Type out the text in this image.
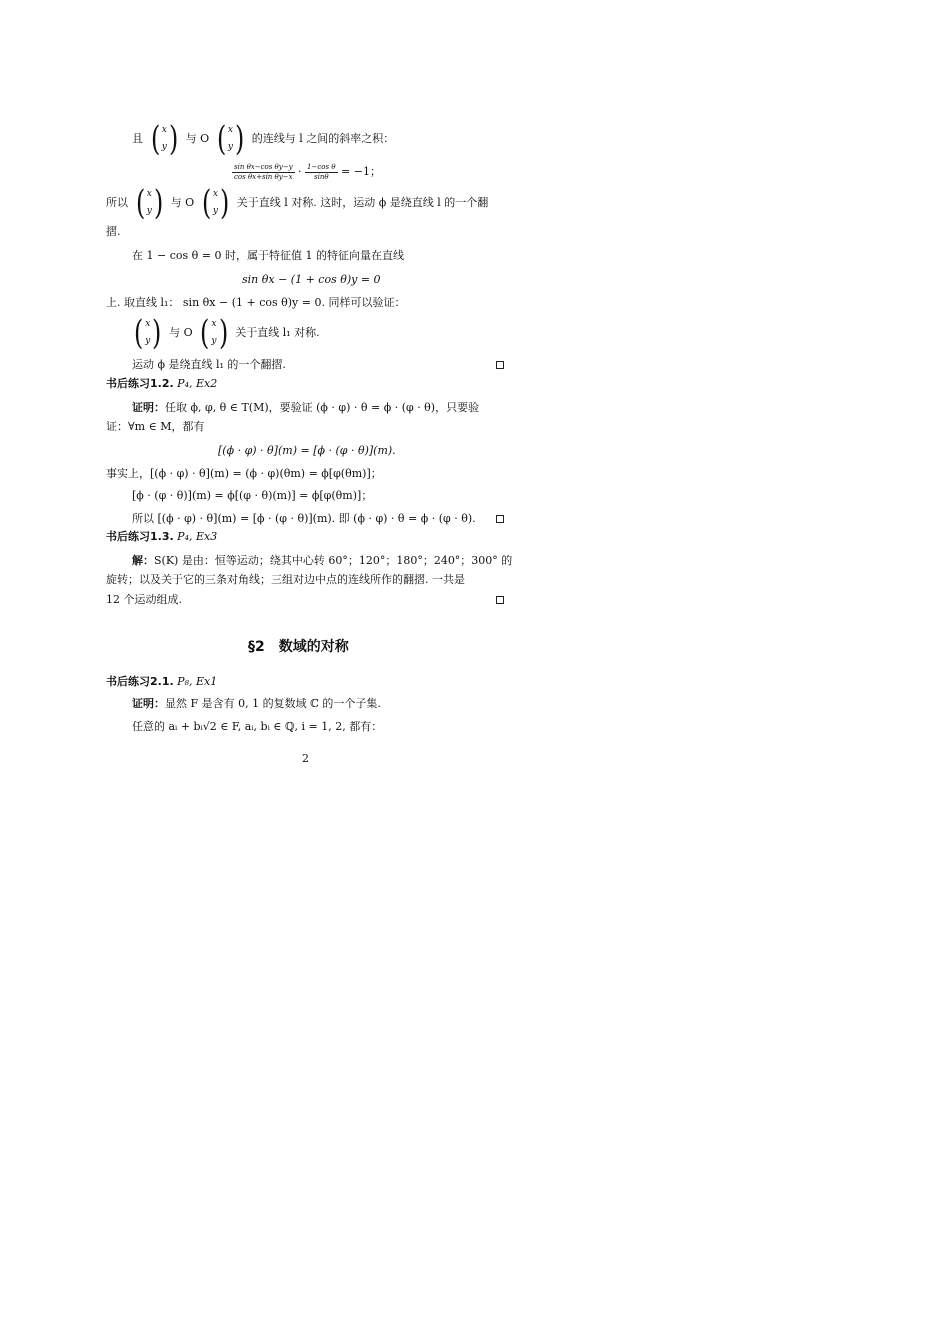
且 ( x
y ) 与 O ( x
y ) 的连线与 l 之间的斜率之积：
$\frac{\text{sin θx−cos θy−y}}{\text{cos θx+sin θy−x}} \cdot \frac{\text{1−cos θ}}{\sin\theta} = -1$；
所以 ( x
y ) 与 O ( x
y ) 关于直线 l 对称. 这时，运动 ϕ 是绕直线 l 的一个翻
摺.
在 1 − cos θ = 0 时，属于特征值 1 的特征向量在直线
sin θx − (1 + cos θ)y = 0
上. 取直线 l₁： sin θx − (1 + cos θ)y = 0. 同样可以验证：
( x
y ) 与 O ( x
y ) 关于直线 l₁ 对称.
运动 ϕ 是绕直线 l₁ 的一个翻摺.
书后练习1.2. P₄, Ex2
证明：任取 ϕ, φ, θ ∈ T(M)，要验证 (ϕ · φ) · θ = ϕ · (φ · θ)，只要验
证：∀m ∈ M，都有
[(ϕ · φ) · θ](m) = [ϕ · (φ · θ)](m).
事实上，[(ϕ · φ) · θ](m) = (ϕ · φ)(θm) = ϕ[φ(θm)]；
[ϕ · (φ · θ)](m) = ϕ[(φ · θ)(m)] = ϕ[φ(θm)]；
所以 [(ϕ · φ) · θ](m) = [ϕ · (φ · θ)](m). 即 (ϕ · φ) · θ = ϕ · (φ · θ).
书后练习1.3. P₄, Ex3
解：S(K) 是由：恒等运动；绕其中心转 60°；120°；180°；240°；300° 的
旋转；以及关于它的三条对角线；三组对边中点的连线所作的翻摺. 一共是
12 个运动组成.
§2　数域的对称
书后练习2.1. P₈, Ex1
证明：显然 F 是含有 0, 1 的复数域 ℂ 的一个子集.
任意的 aᵢ + bᵢ√2 ∈ F, aᵢ, bᵢ ∈ ℚ, i = 1, 2, 都有：
2
